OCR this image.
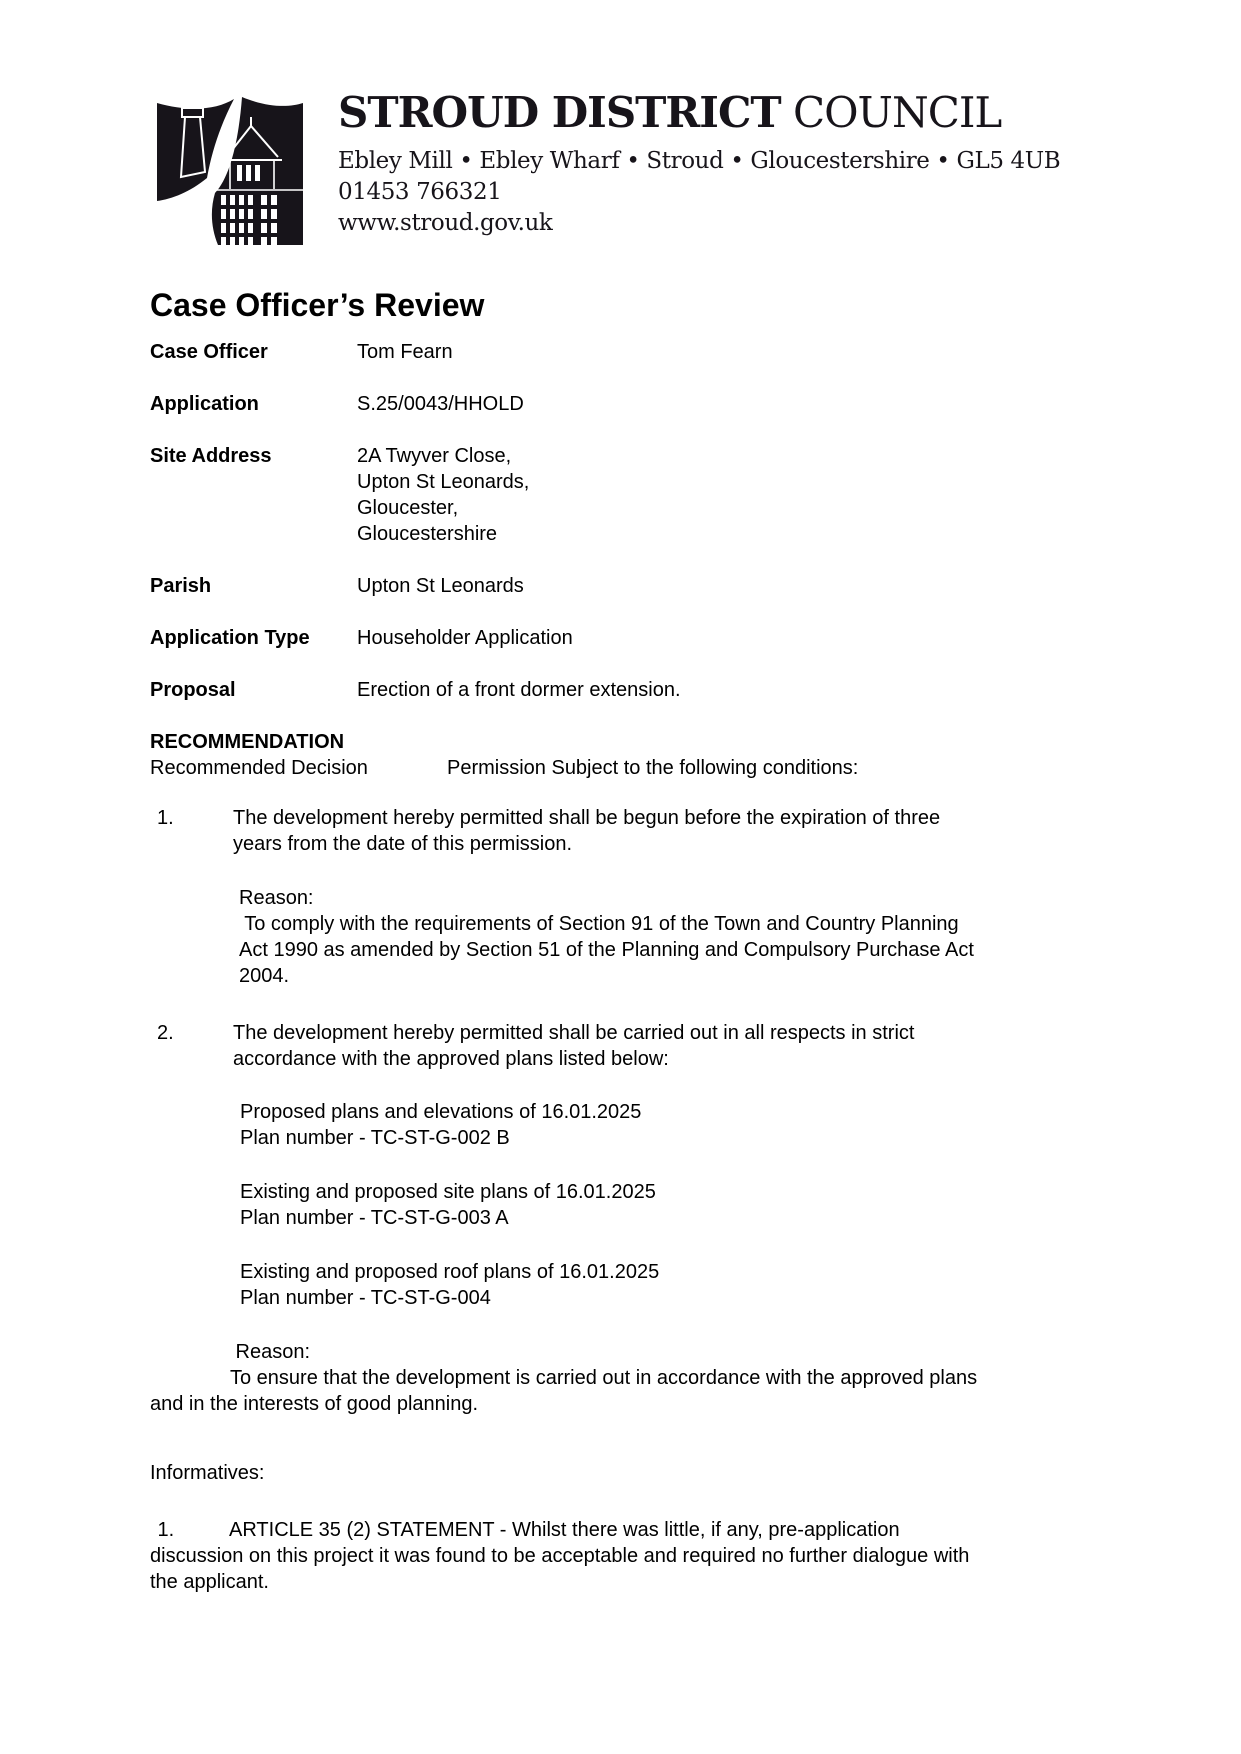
STROUD DISTRICT COUNCIL
Ebley Mill • Ebley Wharf • Stroud • Gloucestershire • GL5 4UB
01453 766321
www.stroud.gov.uk
Case Officer’s Review
Case Officer	Tom Fearn
Application	S.25/0043/HHOLD
Site Address	2A Twyver Close,
Upton St Leonards,
Gloucester,
Gloucestershire
Parish	Upton St Leonards
Application Type	Householder Application
Proposal	Erection of a front dormer extension.
RECOMMENDATION
Recommended Decision	Permission Subject to the following conditions:
1.	The development hereby permitted shall be begun before the expiration of three
years from the date of this permission.
Reason:
To comply with the requirements of Section 91 of the Town and Country Planning
Act 1990 as amended by Section 51 of the Planning and Compulsory Purchase Act
2004.
2.	The development hereby permitted shall be carried out in all respects in strict
accordance with the approved plans listed below:
Proposed plans and elevations of 16.01.2025
Plan number - TC-ST-G-002 B
Existing and proposed site plans of 16.01.2025
Plan number - TC-ST-G-003 A
Existing and proposed roof plans of 16.01.2025
Plan number - TC-ST-G-004
Reason:
To ensure that the development is carried out in accordance with the approved plans
and in the interests of good planning.
Informatives:
1.	ARTICLE 35 (2) STATEMENT - Whilst there was little, if any, pre-application
discussion on this project it was found to be acceptable and required no further dialogue with
the applicant.
